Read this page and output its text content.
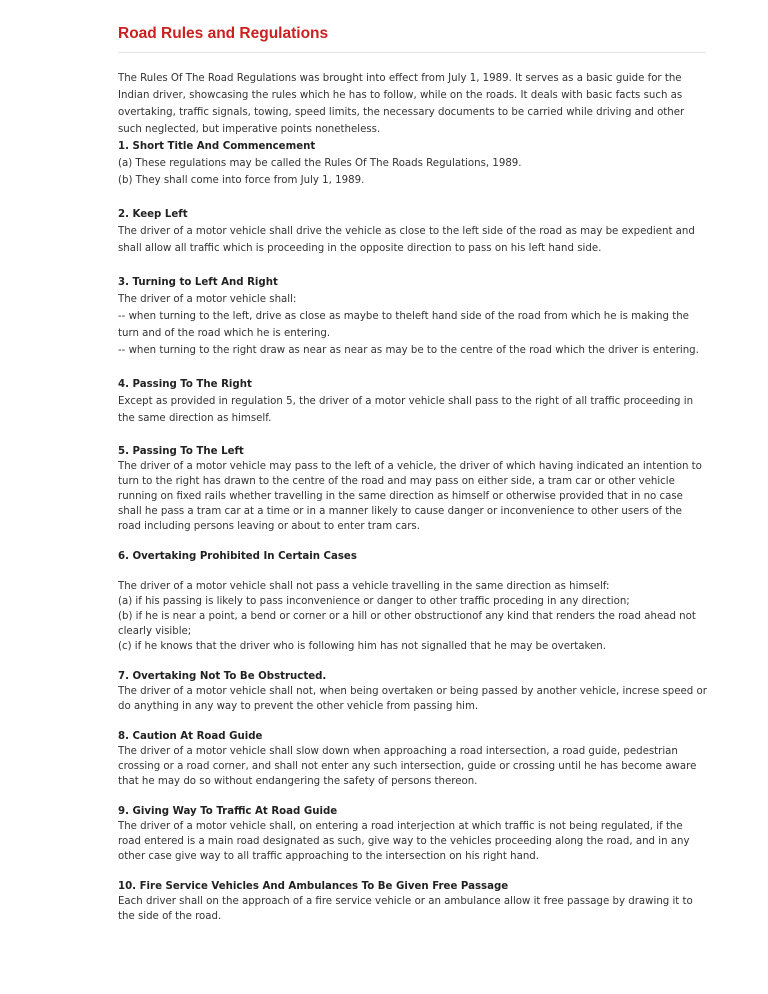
Road Rules and Regulations

The Rules Of The Road Regulations was brought into effect from July 1, 1989. It serves as a basic guide for the Indian driver, showcasing the rules which he has to follow, while on the roads. It deals with basic facts such as overtaking, traffic signals, towing, speed limits, the necessary documents to be carried while driving and other such neglected, but imperative points nonetheless.

1. Short Title And Commencement

(a) These regulations may be called the Rules Of The Roads Regulations, 1989.

(b) They shall come into force from July 1, 1989.

2. Keep Left

The driver of a motor vehicle shall drive the vehicle as close to the left side of the road as may be expedient and shall allow all traffic which is proceeding in the opposite direction to pass on his left hand side.

3. Turning to Left And Right

The driver of a motor vehicle shall:

-- when turning to the left, drive as close as maybe to theleft hand side of the road from which he is making the turn and of the road which he is entering.

-- when turning to the right draw as near as near as may be to the centre of the road which the driver is entering.

4. Passing To The Right

Except as provided in regulation 5, the driver of a motor vehicle shall pass to the right of all traffic proceeding in the same direction as himself.

5. Passing To The Left

The driver of a motor vehicle may pass to the left of a vehicle, the driver of which having indicated an intention to turn to the right has drawn to the centre of the road and may pass on either side, a tram car or other vehicle running on fixed rails whether travelling in the same direction as himself or otherwise provided that in no case shall he pass a tram car at a time or in a manner likely to cause danger or inconvenience to other users of the road including persons leaving or about to enter tram cars.

6. Overtaking Prohibited In Certain Cases

The driver of a motor vehicle shall not pass a vehicle travelling in the same direction as himself:

(a) if his passing is likely to pass inconvenience or danger to other traffic proceding in any direction;

(b) if he is near a point, a bend or corner or a hill or other obstructionof any kind that renders the road ahead not clearly visible;

(c) if he knows that the driver who is following him has not signalled that he may be overtaken.

7. Overtaking Not To Be Obstructed.

The driver of a motor vehicle shall not, when being overtaken or being passed by another vehicle, increse speed or do anything in any way to prevent the other vehicle from passing him.

8. Caution At Road Guide

The driver of a motor vehicle shall slow down when approaching a road intersection, a road guide, pedestrian crossing or a road corner, and shall not enter any such intersection, guide or crossing until he has become aware that he may do so without endangering the safety of persons thereon.

9. Giving Way To Traffic At Road Guide

The driver of a motor vehicle shall, on entering a road interjection at which traffic is not being regulated, if the road entered is a main road designated as such, give way to the vehicles proceeding along the road, and in any other case give way to all traffic approaching to the intersection on his right hand.

10. Fire Service Vehicles And Ambulances To Be Given Free Passage

Each driver shall on the approach of a fire service vehicle or an ambulance allow it free passage by drawing it to the side of the road.
